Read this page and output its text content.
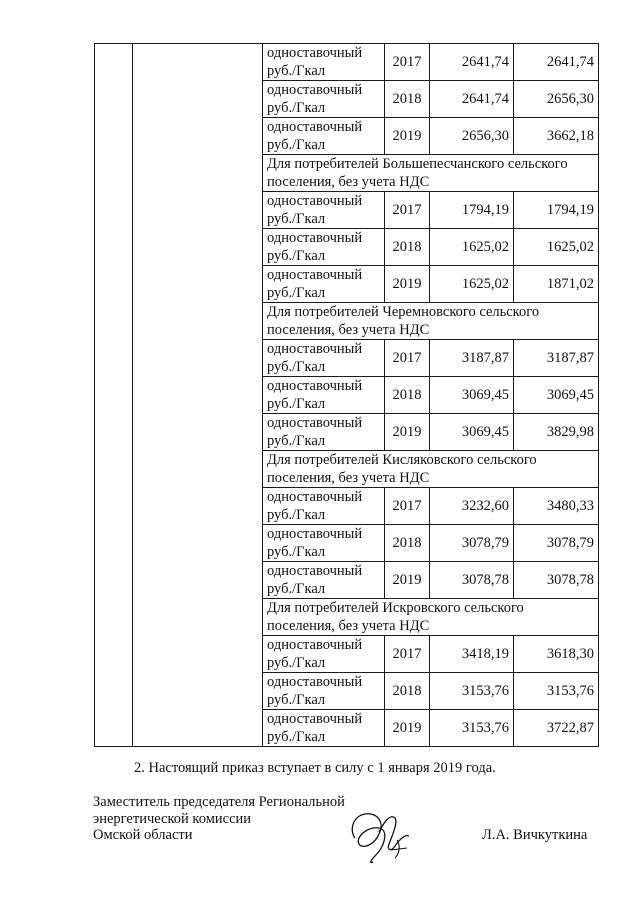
		одноставочный руб./Гкал	2017	2641,74	2641,74
		одноставочный руб./Гкал	2018	2641,74	2656,30
		одноставочный руб./Гкал	2019	2656,30	3662,18
		Для потребителей Большепесчанского сельского поселения, без учета НДС			
		одноставочный руб./Гкал	2017	1794,19	1794,19
		одноставочный руб./Гкал	2018	1625,02	1625,02
		одноставочный руб./Гкал	2019	1625,02	1871,02
		Для потребителей Черемновского сельского поселения, без учета НДС			
		одноставочный руб./Гкал	2017	3187,87	3187,87
		одноставочный руб./Гкал	2018	3069,45	3069,45
		одноставочный руб./Гкал	2019	3069,45	3829,98
		Для потребителей Кисляковского сельского поселения, без учета НДС			
		одноставочный руб./Гкал	2017	3232,60	3480,33
		одноставочный руб./Гкал	2018	3078,79	3078,79
		одноставочный руб./Гкал	2019	3078,78	3078,78
		Для потребителей Искровского сельского поселения, без учета НДС			
		одноставочный руб./Гкал	2017	3418,19	3618,30
		одноставочный руб./Гкал	2018	3153,76	3153,76
		одноставочный руб./Гкал	2019	3153,76	3722,87
2. Настоящий приказ вступает в силу с 1 января 2019 года.
Заместитель председателя Региональной
энергетической комиссии
Омской области	Л.А. Вичкуткина
